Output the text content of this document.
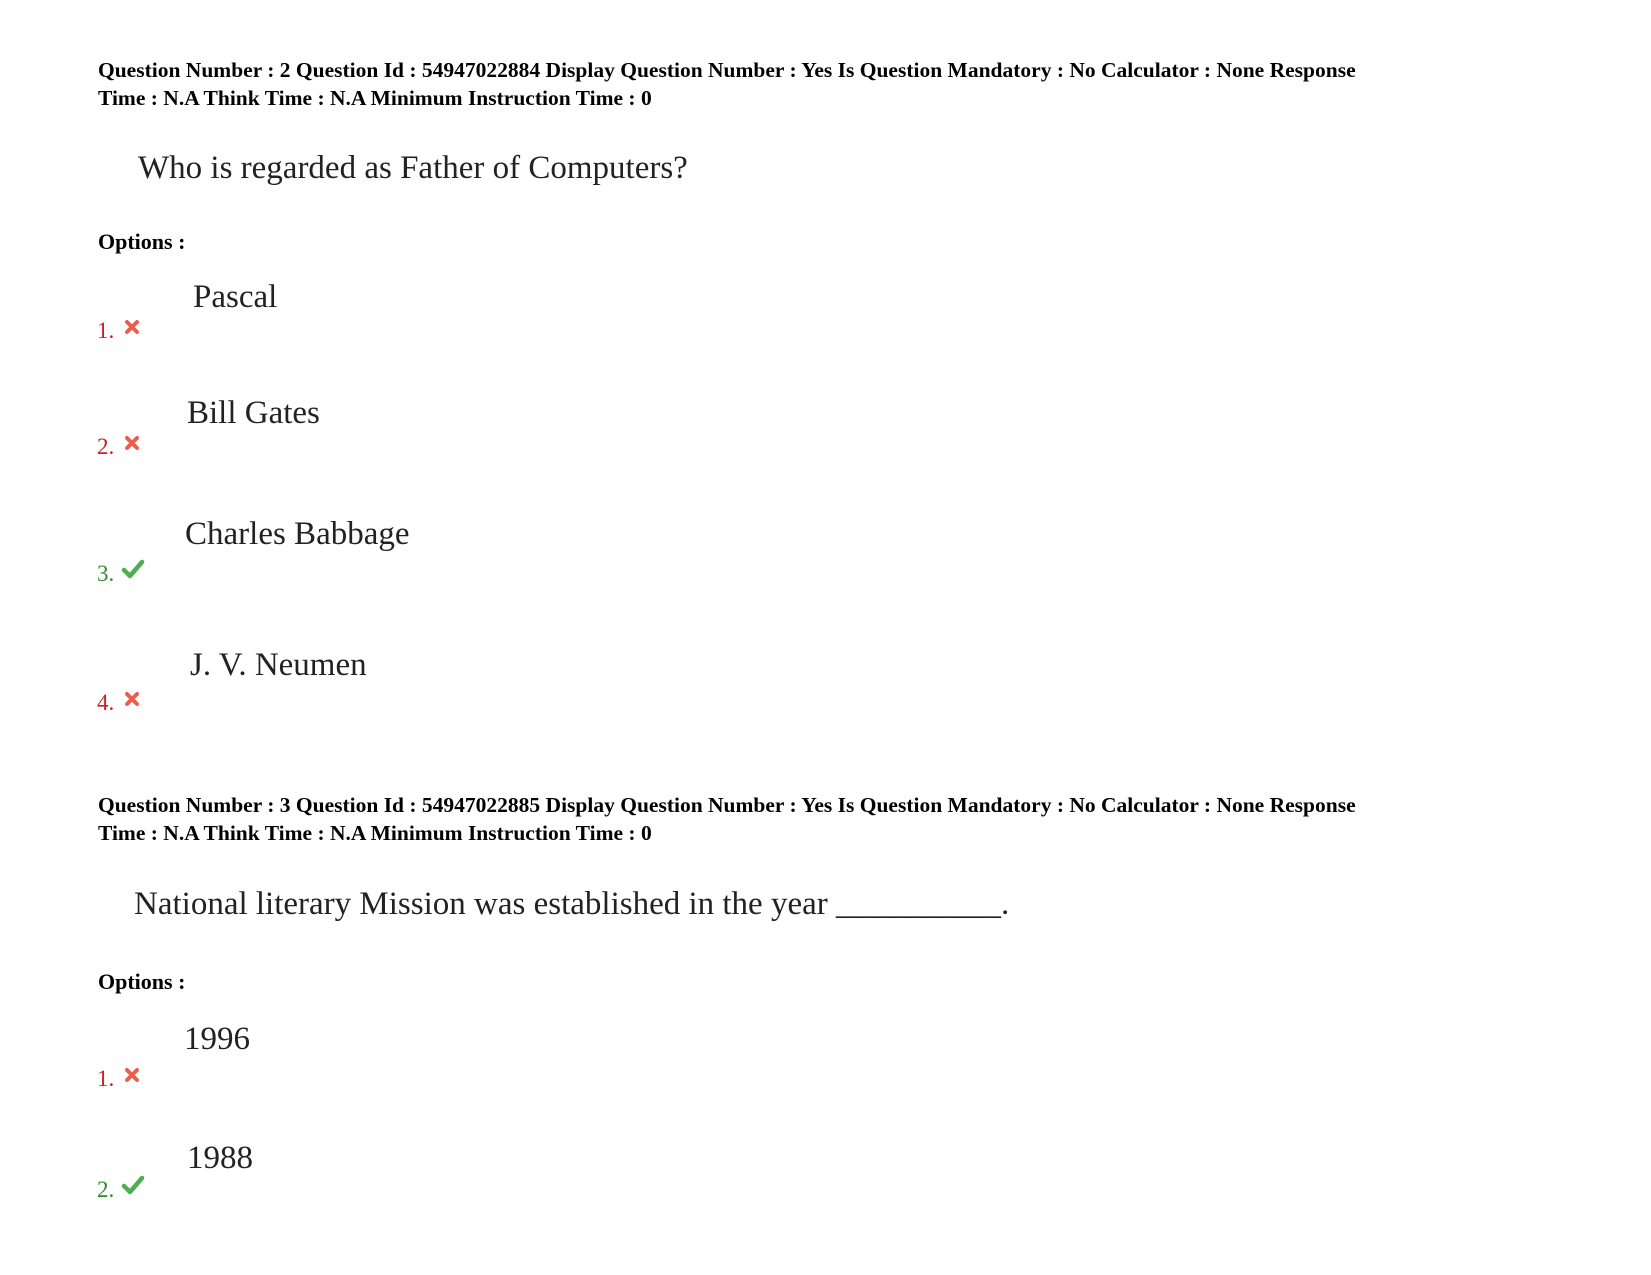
Question Number : 2 Question Id : 54947022884 Display Question Number : Yes Is Question Mandatory : No Calculator : None Response
Time : N.A Think Time : N.A Minimum Instruction Time : 0
Who is regarded as Father of Computers?
Options :
Pascal
1.
Bill Gates
2.
Charles Babbage
3.
J. V. Neumen
4.
Question Number : 3 Question Id : 54947022885 Display Question Number : Yes Is Question Mandatory : No Calculator : None Response
Time : N.A Think Time : N.A Minimum Instruction Time : 0
National literary Mission was established in the year __________.
Options :
1996
1.
1988
2.
